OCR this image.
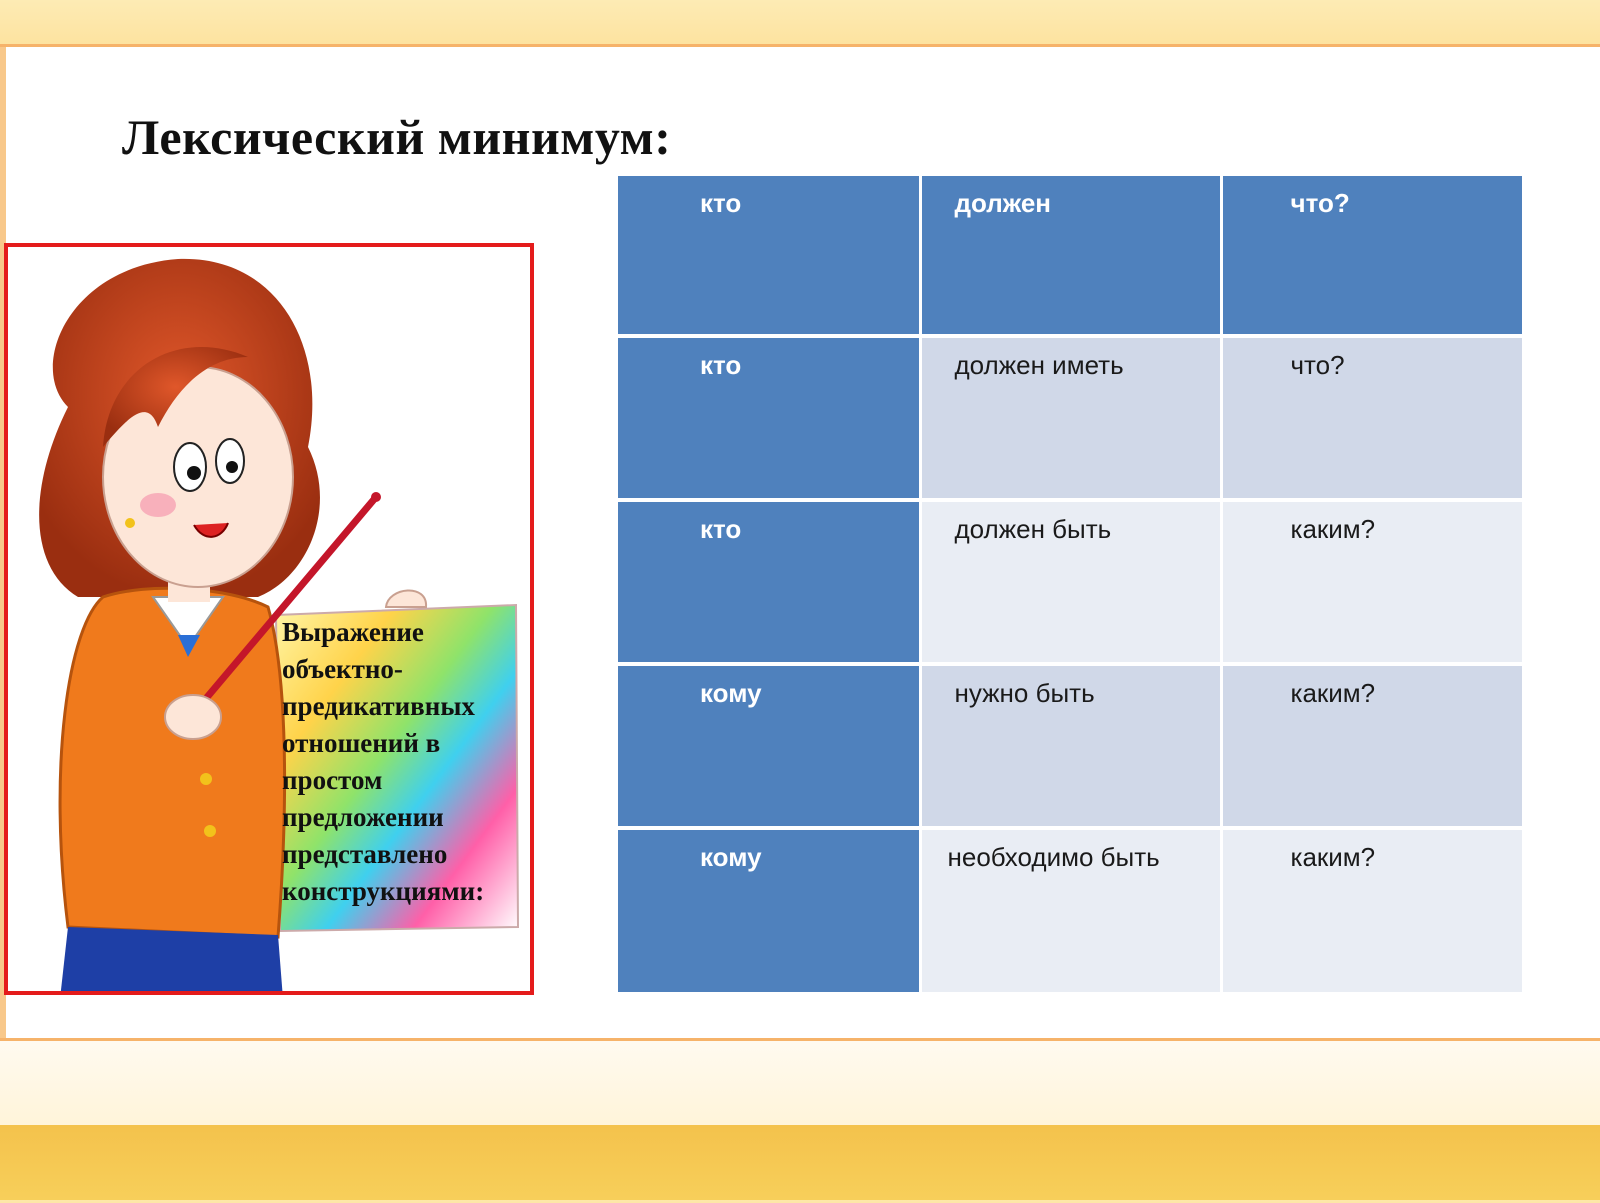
Лексический минимум:
Выражение
объектно-
предикативных
отношений в
простом
предложении
представлено
конструкциями:
кто	должен	что?
кто	должен иметь	что?
кто	должен быть	каким?
кому	нужно быть	каким?
кому	необходимо быть	каким?
